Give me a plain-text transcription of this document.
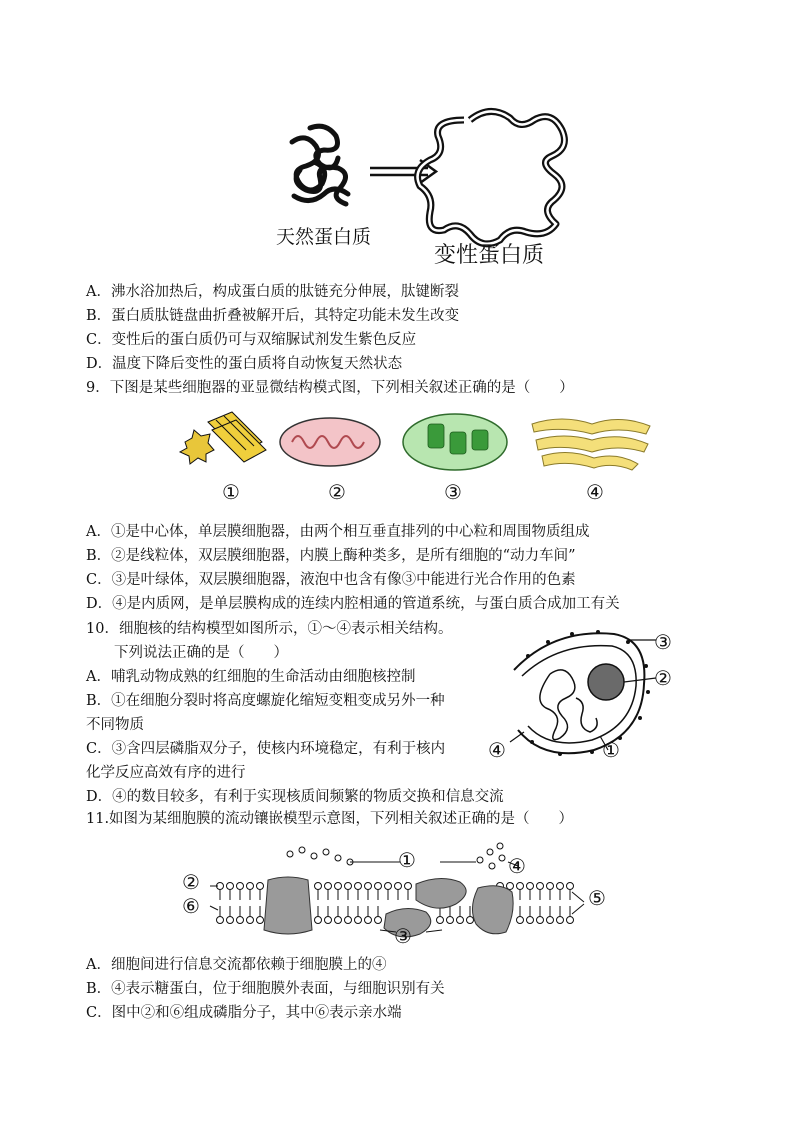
天然蛋白质
变性蛋白质
A．沸水浴加热后，构成蛋白质的肽链充分伸展，肽键断裂
B．蛋白质肽链盘曲折叠被解开后，其特定功能未发生改变
C．变性后的蛋白质仍可与双缩脲试剂发生紫色反应
D．温度下降后变性的蛋白质将自动恢复天然状态
9．下图是某些细胞器的亚显微结构模式图，下列相关叙述正确的是（　　）
①	②	③	④
A．①是中心体，单层膜细胞器，由两个相互垂直排列的中心粒和周围物质组成
B．②是线粒体，双层膜细胞器，内膜上酶种类多，是所有细胞的“动力车间”
C．③是叶绿体，双层膜细胞器，液泡中也含有像③中能进行光合作用的色素
D．④是内质网，是单层膜构成的连续内腔相通的管道系统，与蛋白质合成加工有关
10．细胞核的结构模型如图所示，①～④表示相关结构。
下列说法正确的是（　　）
A．哺乳动物成熟的红细胞的生命活动由细胞核控制
B．①在细胞分裂时将高度螺旋化缩短变粗变成另外一种
不同物质
C．③含四层磷脂双分子，使核内环境稳定，有利于核内
化学反应高效有序的进行
D．④的数目较多，有利于实现核质间频繁的物质交换和信息交流
③
②
④	①
11.如图为某细胞膜的流动镶嵌模型示意图，下列相关叙述正确的是（　　）
①	④
②
⑥	⑤
③
A．细胞间进行信息交流都依赖于细胞膜上的④
B．④表示糖蛋白，位于细胞膜外表面，与细胞识别有关
C．图中②和⑥组成磷脂分子，其中⑥表示亲水端
